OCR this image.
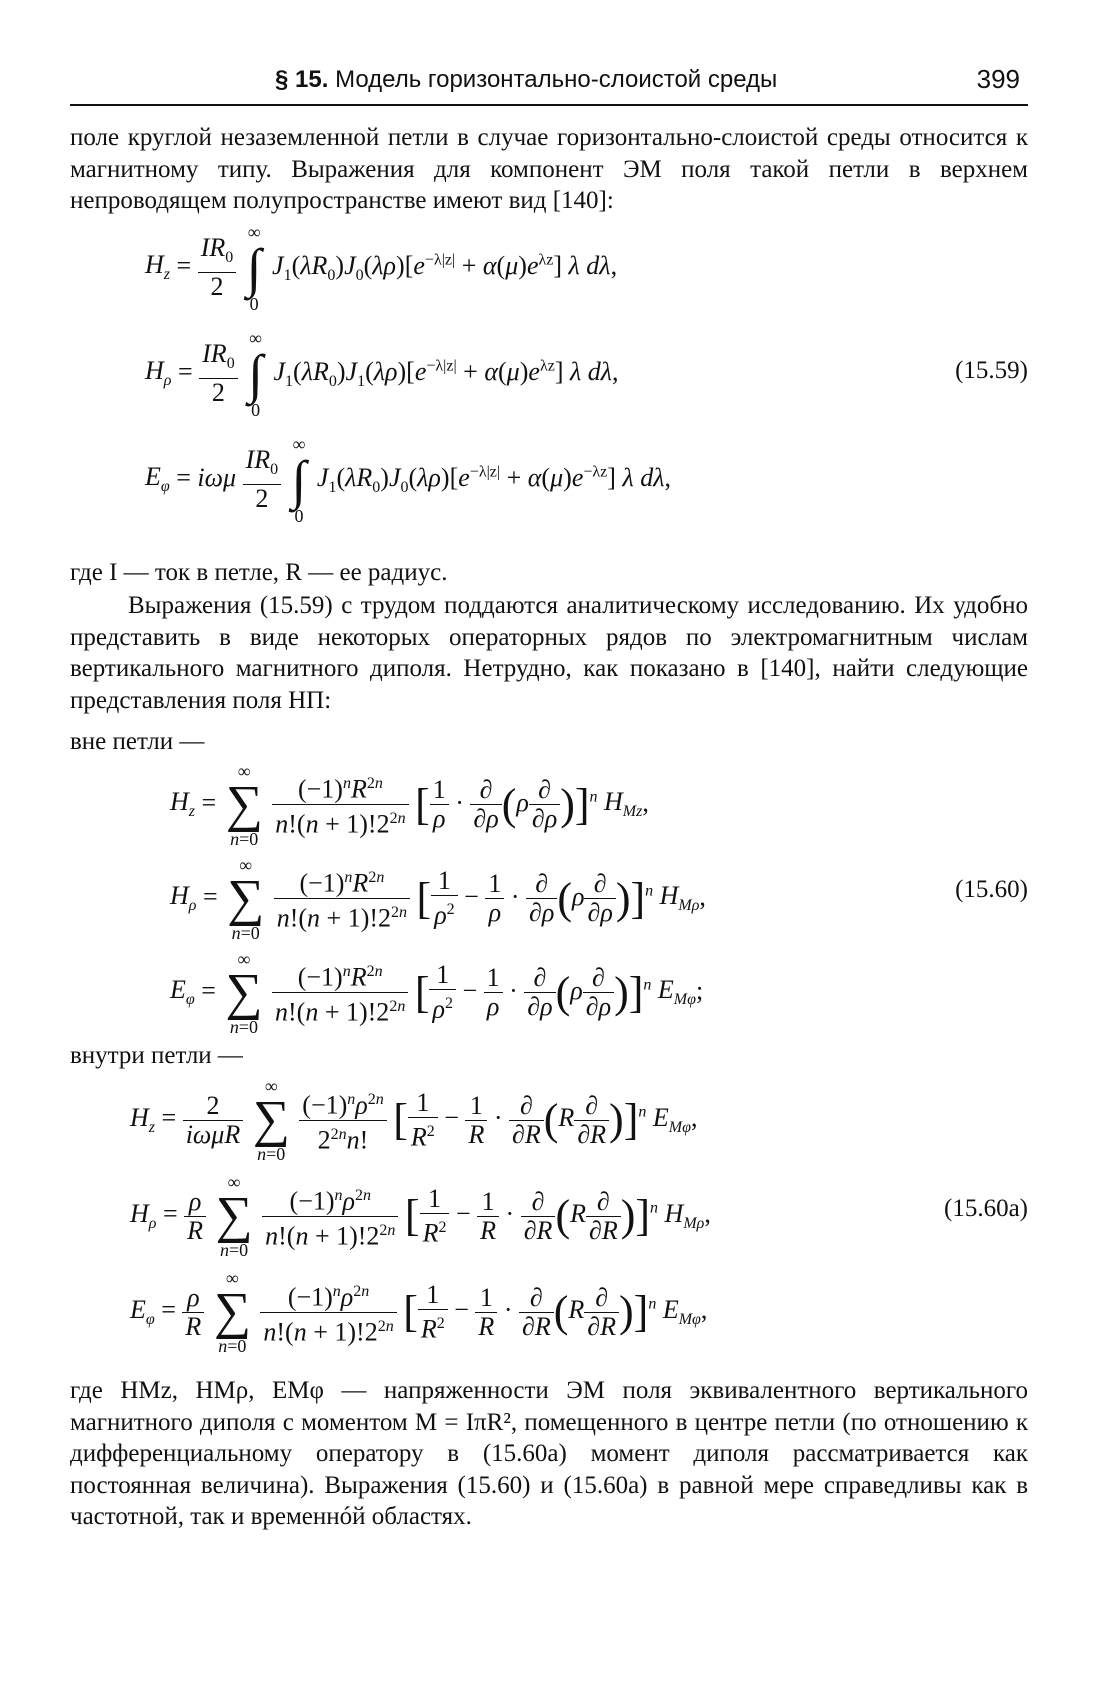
§ 15. Модель горизонтально-слоистой среды	399

поле круглой незаземленной петли в случае горизонтально-слоистой среды относится к магнитному типу. Выражения для компонент ЭМ поля такой петли в верхнем непроводящем полупространстве имеют вид [140]:

$H_z = \frac{IR_0}{2}$
∞
∫
0 $J_1(\lambda R_0)J_0(\lambda\rho)[e^{-\lambda|z|} + \alpha(\mu)e^{\lambda z}]$ λ dλ,
$H_\rho = \frac{IR_0}{2}$
∞
∫
0 $J_1(\lambda R_0)J_1(\lambda\rho)[e^{-\lambda|z|} + \alpha(\mu)e^{\lambda z}]$ λ dλ,	(15.59)
$E_\varphi = i\omega\mu \frac{IR_0}{2}$
∞
∫
0 $J_1(\lambda R_0)J_0(\lambda\rho)[e^{-\lambda|z|} + \alpha(\mu)e^{-\lambda z}]$ λ dλ,

где I — ток в петле, R — ее радиус.

Выражения (15.59) с трудом поддаются аналитическому исследованию. Их удобно представить в виде некоторых операторных рядов по электромагнитным числам вертикального магнитного диполя. Нетрудно, как показано в [140], найти следующие представления поля НП:

вне петли —

$H_z$ = ∞
∑
$n=0 \frac{(-1)^nR^{2n}}{n!(n + 1)!2^{2n}}$ [ $\frac{1}{\rho} \cdot \frac{\partial}{\partial\rho} (\rho \frac{\partial}{\partial\rho} )]^n$ $H_{Mz}$,
$H_\rho$ = ∞
∑
$n=0 \frac{(-1)^nR^{2n}}{n!(n + 1)!2^{2n}}$ [ $\frac{1}{\rho^2} - \frac{1}{\rho} \cdot \frac{\partial}{\partial\rho} (\rho \frac{\partial}{\partial\rho} )]^n$ $H_{M\rho}$,	(15.60)
$E_\varphi$ = ∞
∑
$n=0 \frac{(-1)^nR^{2n}}{n!(n + 1)!2^{2n}}$ [ $\frac{1}{\rho^2} - \frac{1}{\rho} \cdot \frac{\partial}{\partial\rho} (\rho \frac{\partial}{\partial\rho} )]^n$ $E_{M\varphi}$;

внутри петли —

$H_z = \frac{2}{\text{iωμR}}$
∞
∑
$n=0 \frac{(-1)^n\rho^{2n}}{2^{2n}n!}$ [ $\frac{1}{R^2} - \frac{1}{R} \cdot \frac{\partial}{\partial R} (R \frac{\partial}{\partial R} )]^n$ $E_{M\varphi}$,
$H_\rho = \frac{\rho}{R}$
∞
∑
$n=0 \frac{(-1)^n\rho^{2n}}{n!(n + 1)!2^{2n}}$ [ $\frac{1}{R^2} - \frac{1}{R} \cdot \frac{\partial}{\partial R} (R \frac{\partial}{\partial R} )]^n$ $H_{M\rho}$,	(15.60a)
$E_\varphi = \frac{\rho}{R}$
∞
∑
$n=0 \frac{(-1)^n\rho^{2n}}{n!(n + 1)!2^{2n}}$ [ $\frac{1}{R^2} - \frac{1}{R} \cdot \frac{\partial}{\partial R} (R \frac{\partial}{\partial R} )]^n$ $E_{M\varphi}$,

где HMz, HMρ, EMφ — напряженности ЭМ поля эквивалентного вертикального магнитного диполя с моментом M = IπR², помещенного в центре петли (по отношению к дифференциальному оператору в (15.60a) момент диполя рассматривается как постоянная величина). Выражения (15.60) и (15.60a) в равной мере справедливы как в частотной, так и временнóй областях.
